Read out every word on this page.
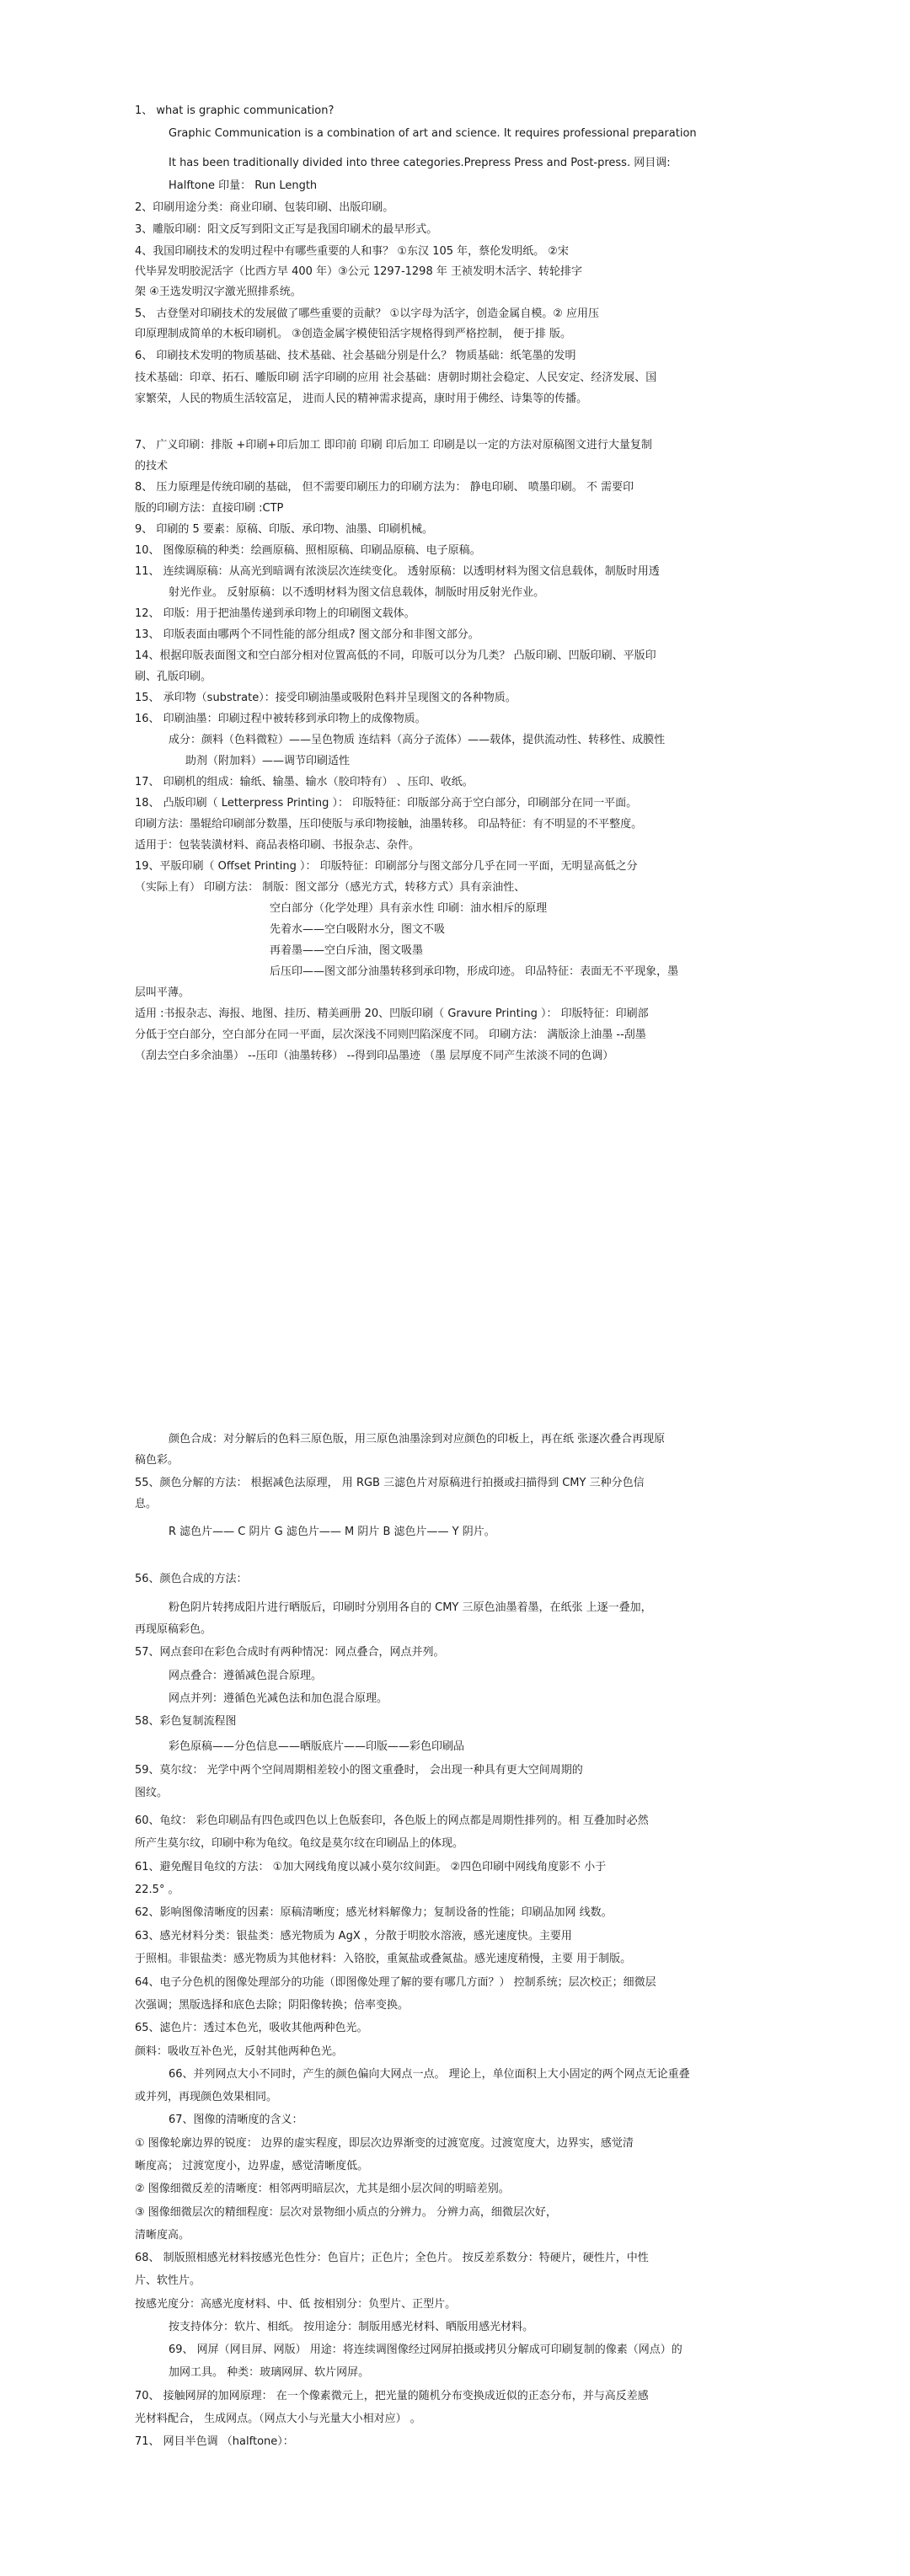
1、 what is graphic communication?
Graphic Communication is a combination of art and science. It requires professional preparation
It has been traditionally divided into three categories.Prepress Press and Post-press. 网目调:
Halftone 印量： Run Length
2、印刷用途分类：商业印刷、包装印刷、出版印刷。
3、雕版印刷：阳文反写到阳文正写是我国印刷术的最早形式。
4、我国印刷技术的发明过程中有哪些重要的人和事？ ①东汉 105 年，蔡伦发明纸。 ②宋
代毕昇发明胶泥活字（比西方早 400 年）③公元 1297-1298 年 王祯发明木活字、转轮排字
架 ④王选发明汉字激光照排系统。
5、 古登堡对印刷技术的发展做了哪些重要的贡献？ ①以字母为活字，创造金属自模。② 应用压
印原理制成简单的木板印刷机。 ③创造金属字模使铅活字规格得到严格控制， 便于排 版。
6、 印刷技术发明的物质基础、技术基础、社会基础分别是什么？ 物质基础：纸笔墨的发明
技术基础：印章、拓石、雕版印刷 活字印刷的应用 社会基础：唐朝时期社会稳定、人民安定、经济发展、国
家繁荣，人民的物质生活较富足， 进而人民的精神需求提高，康时用于佛经、诗集等的传播。
7、 广义印刷：排版 +印刷+印后加工 即印前 印刷 印后加工 印刷是以一定的方法对原稿图文进行大量复制
的技术
8、 压力原理是传统印刷的基础， 但不需要印刷压力的印刷方法为： 静电印刷、 喷墨印刷。 不 需要印
版的印刷方法：直接印刷 :CTP
9、 印刷的 5 要素：原稿、印版、承印物、油墨、印刷机械。
10、 图像原稿的种类：绘画原稿、照相原稿、印刷品原稿、电子原稿。
11、 连续调原稿：从高光到暗调有浓淡层次连续变化。 透射原稿：以透明材料为图文信息载体，制版时用透
射光作业。 反射原稿：以不透明材料为图文信息载体，制版时用反射光作业。
12、 印版：用于把油墨传递到承印物上的印刷图文载体。
13、 印版表面由哪两个不同性能的部分组成? 图文部分和非图文部分。
14、根据印版表面图文和空白部分相对位置高低的不同，印版可以分为几类？ 凸版印刷、凹版印刷、平版印
刷、孔版印刷。
15、 承印物（substrate）：接受印刷油墨或吸附色料并呈现图文的各种物质。
16、 印刷油墨：印刷过程中被转移到承印物上的成像物质。
成分：颜料（色料微粒）——呈色物质 连结料（高分子流体）——载体，提供流动性、转移性、成膜性
助剂（附加料）——调节印刷适性
17、 印刷机的组成：输纸、输墨、输水（胶印特有） 、压印、收纸。
18、 凸版印刷（ Letterpress Printing ）： 印版特征：印版部分高于空白部分，印刷部分在同一平面。
印刷方法：墨辊给印刷部分数墨，压印使版与承印物接触，油墨转移。 印品特征：有不明显的不平整度。
适用于：包装装潢材料、商品表格印刷、书报杂志、杂件。
19、平版印刷（ Offset Printing ）： 印版特征：印刷部分与图文部分几乎在同一平面，无明显高低之分
（实际上有） 印刷方法： 制版：图文部分（感光方式，转移方式）具有亲油性、
空白部分（化学处理）具有亲水性 印刷：油水相斥的原理
先着水——空白吸附水分，图文不吸
再着墨——空白斥油，图文吸墨
后压印——图文部分油墨转移到承印物，形成印迹。 印品特征：表面无不平现象，墨
层叫平薄。
适用 :书报杂志、海报、地图、挂历、精美画册 20、凹版印刷（ Gravure Printing ）： 印版特征：印刷部
分低于空白部分，空白部分在同一平面，层次深浅不同则凹陷深度不同。 印刷方法： 满版涂上油墨 --刮墨
（刮去空白多余油墨） --压印（油墨转移） --得到印品墨迹 （墨 层厚度不同产生浓淡不同的色调）
颜色合成：对分解后的色料三原色版，用三原色油墨涂到对应颜色的印板上，再在纸 张逐次叠合再现原
稿色彩。
55、颜色分解的方法： 根据减色法原理， 用 RGB 三滤色片对原稿进行拍摄或扫描得到 CMY 三种分色信
息。
R 滤色片—— C 阴片 G 滤色片—— M 阴片 B 滤色片—— Y 阴片。
56、颜色合成的方法：
粉色阴片转拷成阳片进行晒版后，印刷时分别用各自的 CMY 三原色油墨着墨，在纸张 上逐一叠加，
再现原稿彩色。
57、网点套印在彩色合成时有两种情况：网点叠合，网点并列。
网点叠合：遵循减色混合原理。
网点并列：遵循色光减色法和加色混合原理。
58、彩色复制流程图
彩色原稿——分色信息——晒版底片——印版——彩色印刷品
59、莫尔纹： 光学中两个空间周期相差较小的图文重叠时， 会出现一种具有更大空间周期的
图纹。
60、龟纹： 彩色印刷品有四色或四色以上色版套印，各色版上的网点都是周期性排列的。相 互叠加时必然
所产生莫尔纹，印刷中称为龟纹。龟纹是莫尔纹在印刷品上的体现。
61、避免醒目龟纹的方法： ①加大网线角度以减小莫尔纹间距。 ②四色印刷中网线角度影不 小于
22.5° 。
62、影响图像清晰度的因素：原稿清晰度；感光材料解像力；复制设备的性能；印刷品加网 线数。
63、感光材料分类：银盐类：感光物质为 AgX ，分散于明胶水溶液，感光速度快。主要用
于照相。非银盐类：感光物质为其他材料：入铬胶，重氮盐或叠氮盐。感光速度稍慢，主要 用于制版。
64、电子分色机的图像处理部分的功能（即图像处理了解的要有哪几方面？） 控制系统；层次校正；细微层
次强调；黑版选择和底色去除；阴阳像转换；倍率变换。
65、滤色片：透过本色光，吸收其他两种色光。
颜料：吸收互补色光，反射其他两种色光。
66、并列网点大小不同时，产生的颜色偏向大网点一点。 理论上，单位面积上大小固定的两个网点无论重叠
或并列，再现颜色效果相同。
67、图像的清晰度的含义：
① 图像轮廓边界的锐度： 边界的虚实程度，即层次边界渐变的过渡宽度。过渡宽度大，边界实，感觉清
晰度高； 过渡宽度小，边界虚，感觉清晰度低。
② 图像细微反差的清晰度：相邻两明暗层次，尤其是细小层次间的明暗差别。
③ 图像细微层次的精细程度：层次对景物细小质点的分辨力。 分辨力高，细微层次好，
清晰度高。
68、 制版照相感光材料按感光色性分：色盲片；正色片；全色片。 按反差系数分：特硬片，硬性片，中性
片、软性片。
按感光度分：高感光度材料、中、低 按相别分：负型片、正型片。
按支持体分：软片、相纸。 按用途分：制版用感光材料、晒版用感光材料。
69、 网屏（网目屏、网版） 用途：将连续调图像经过网屏拍摄或拷贝分解成可印刷复制的像素（网点）的
加网工具。 种类：玻璃网屏、软片网屏。
70、 接触网屏的加网原理： 在一个像素微元上，把光量的随机分布变换成近似的正态分布，并与高反差感
光材料配合， 生成网点。（网点大小与光量大小相对应） 。
71、 网目半色调 （halftone）：
